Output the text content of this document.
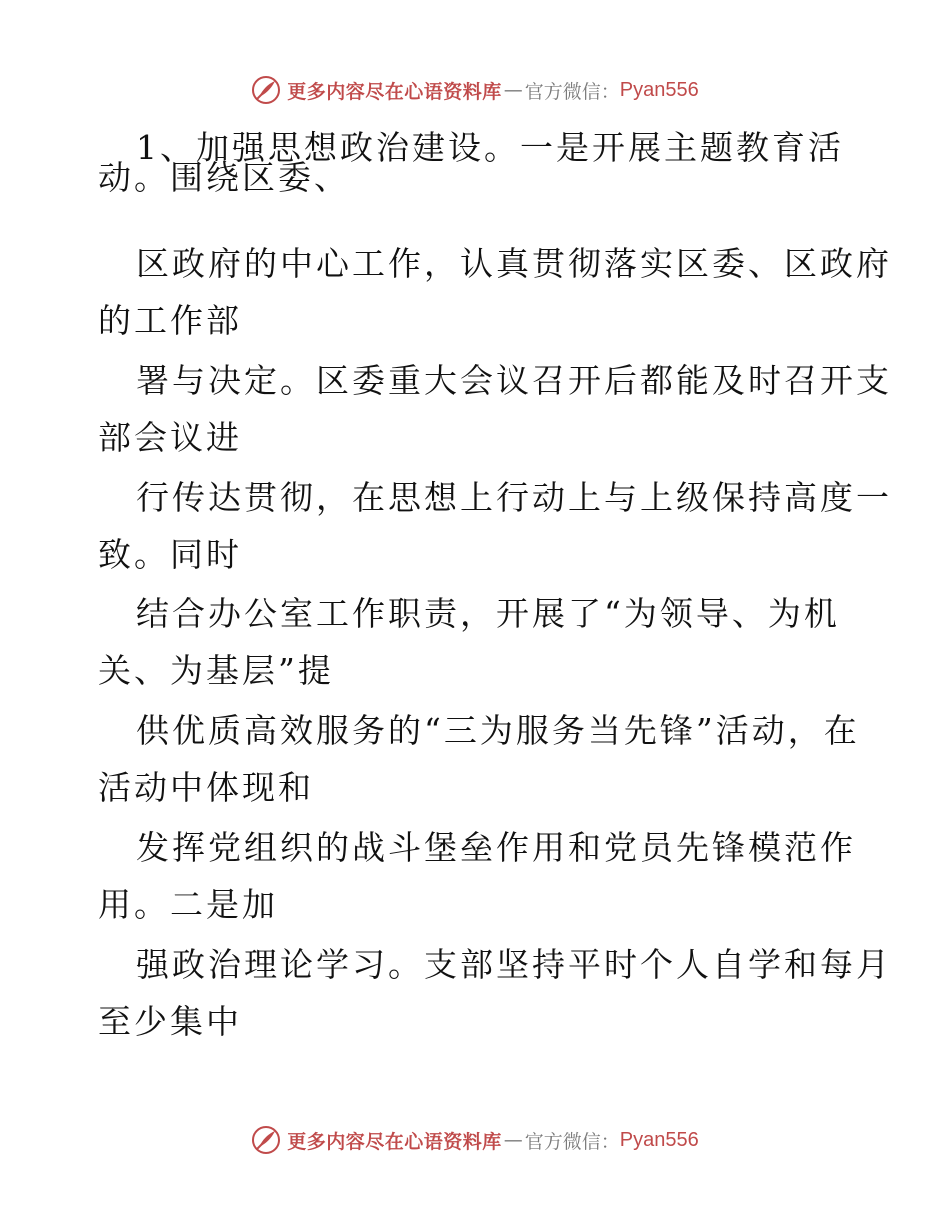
更多内容尽在心语资料库 — 官方微信： Pyan556
1、加强思想政治建设。一是开展主题教育活
动。围绕区委、
区政府的中心工作，认真贯彻落实区委、区政府
的工作部
署与决定。区委重大会议召开后都能及时召开支
部会议进
行传达贯彻，在思想上行动上与上级保持高度一
致。同时
结合办公室工作职责，开展了“为领导、为机
关、为基层”提
供优质高效服务的“三为服务当先锋”活动，在
活动中体现和
发挥党组织的战斗堡垒作用和党员先锋模范作
用。二是加
强政治理论学习。支部坚持平时个人自学和每月
至少集中
更多内容尽在心语资料库 — 官方微信： Pyan556
